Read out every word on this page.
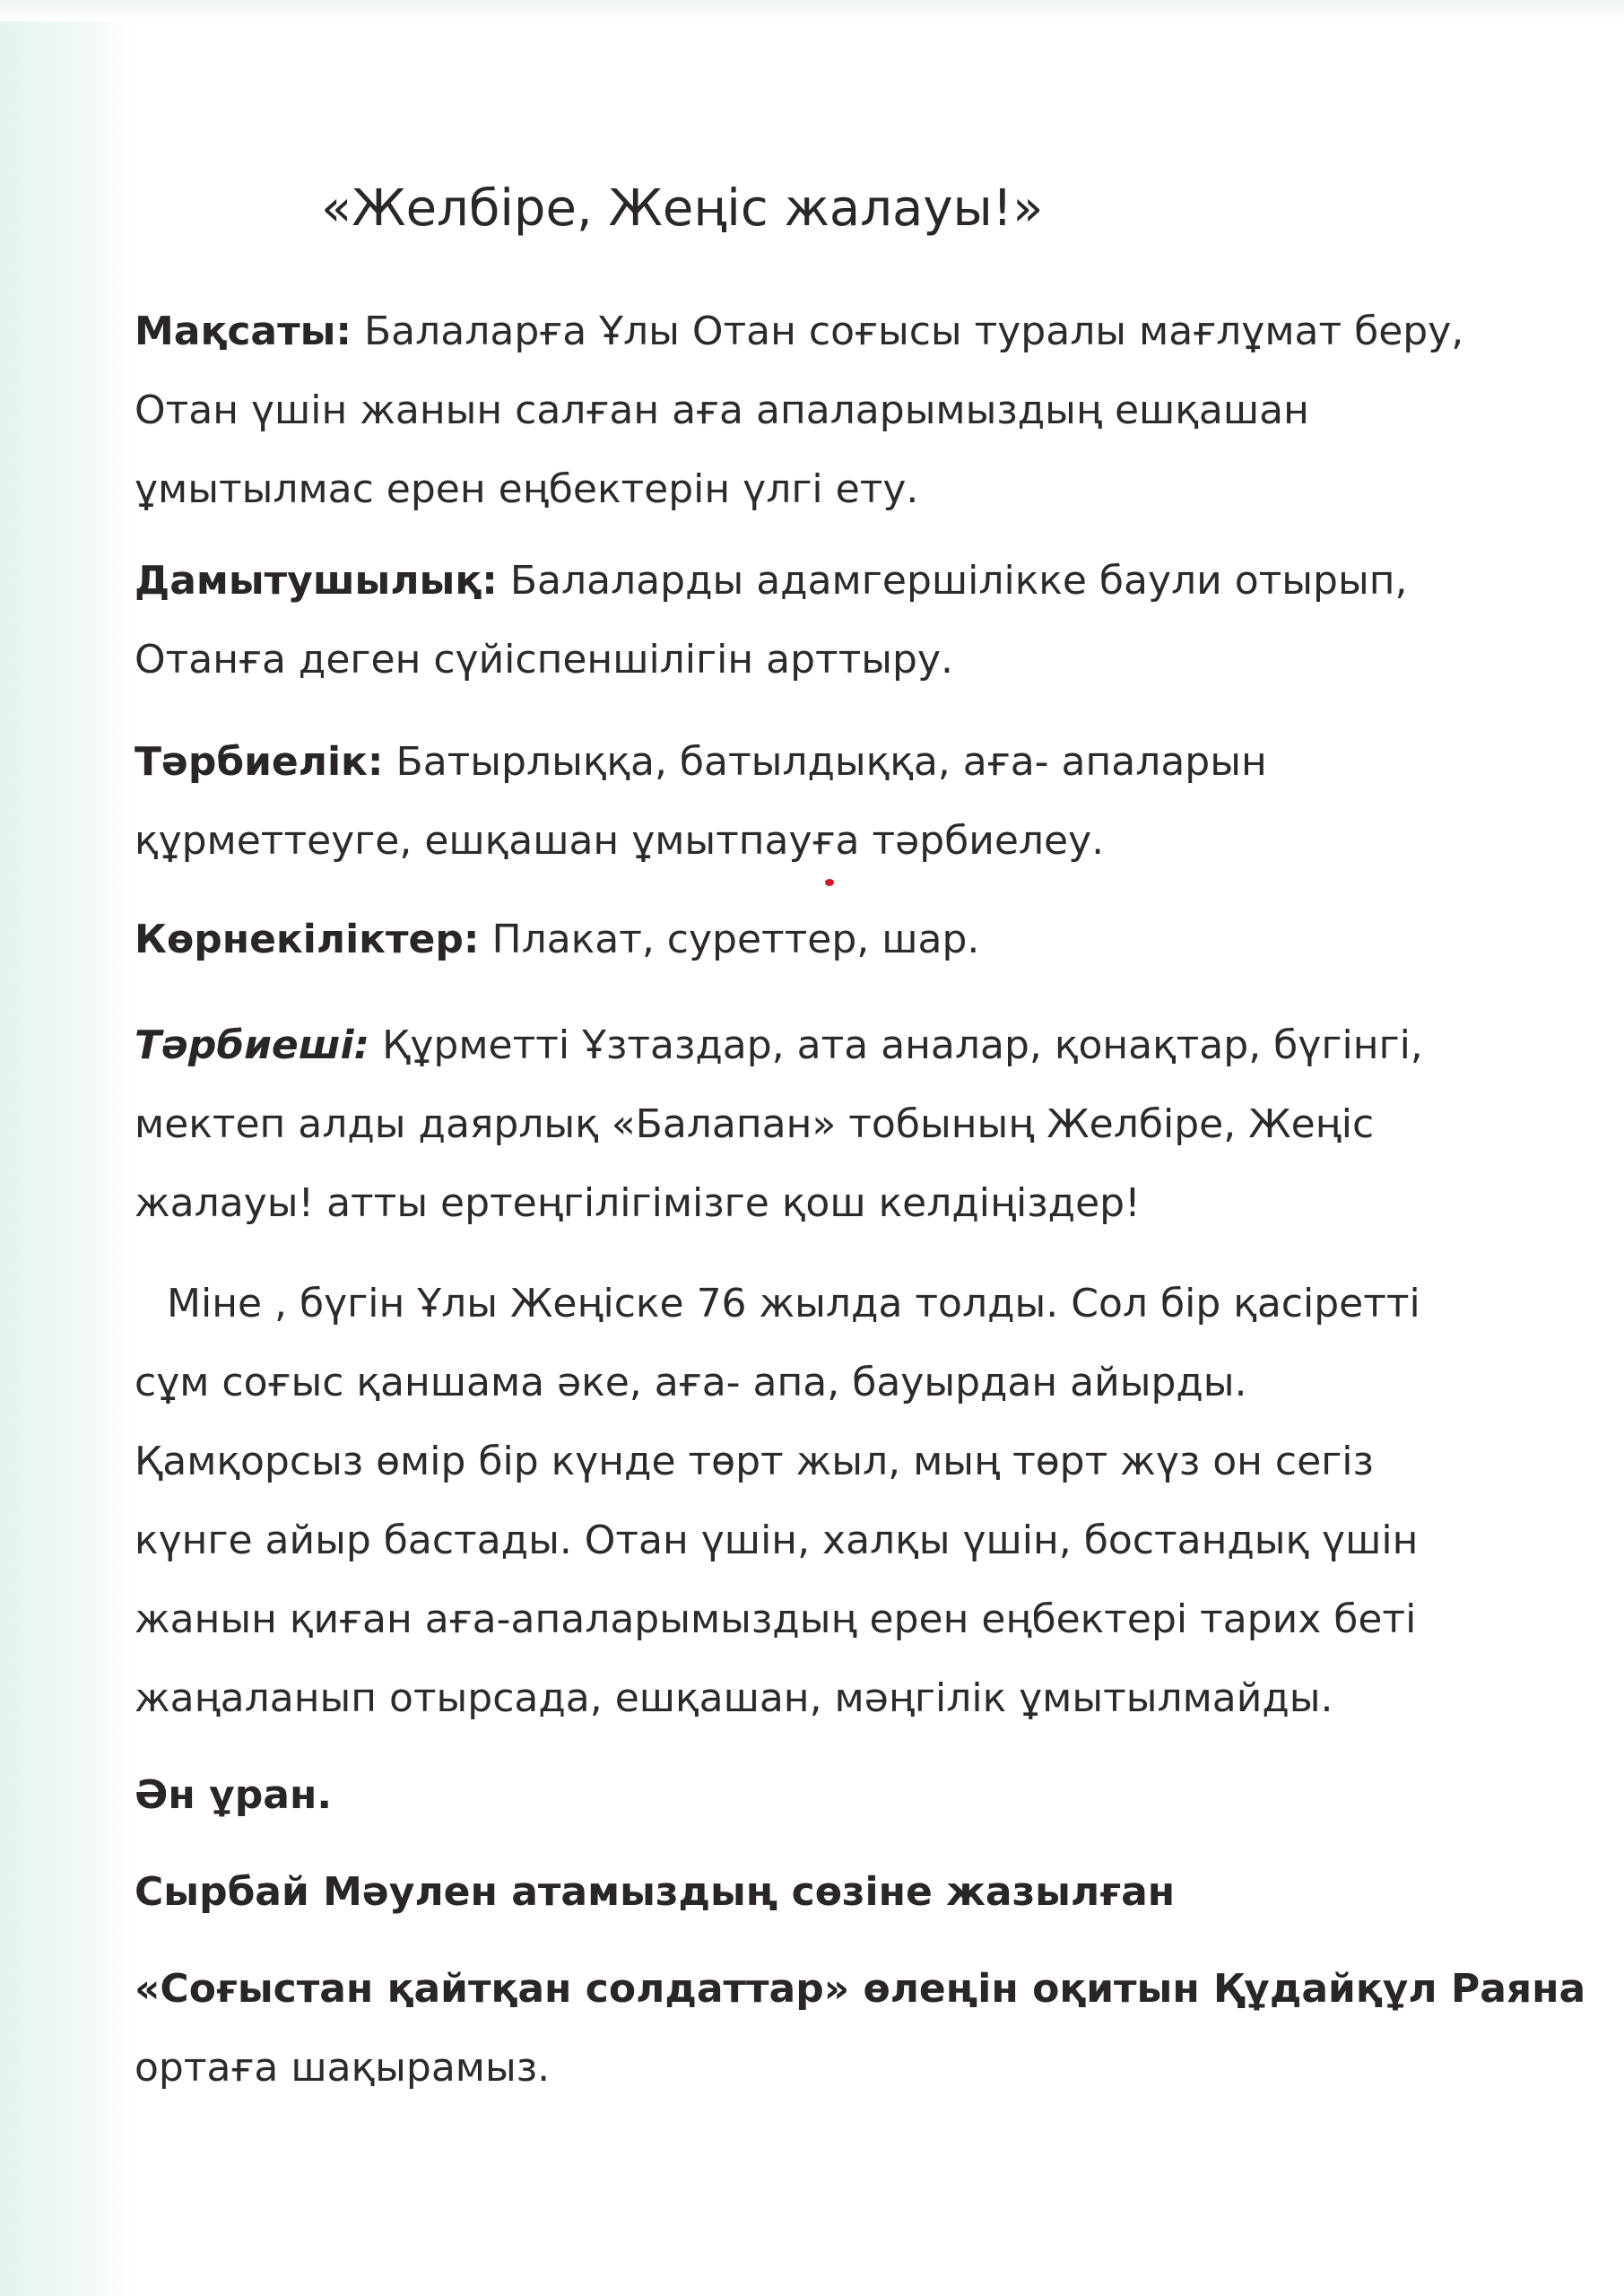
«Желбіре, Жеңіс жалауы!»

Мақсаты: Балаларға Ұлы Отан соғысы туралы мағлұмат беру,

Отан үшін жанын салған аға апаларымыздың ешқашан

ұмытылмас ерен еңбектерін үлгі ету.

Дамытушылық: Балаларды адамгершілікке баули отырып,

Отанға деген сүйіспеншілігін арттыру.

Тәрбиелік: Батырлыққа, батылдыққа, аға- апаларын

құрметтеуге, ешқашан ұмытпауға тәрбиелеу.

Көрнекіліктер: Плакат, суреттер, шар.

Тәрбиеші: Құрметті Ұзтаздар, ата аналар, қонақтар, бүгінгі,

мектеп алды даярлық «Балапан» тобының Желбіре, Жеңіс

жалауы! атты ертеңгілігімізге қош келдіңіздер!

Міне , бүгін Ұлы Жеңіске 76 жылда толды. Сол бір қасіретті

сұм соғыс қаншама әке, аға- апа, бауырдан айырды.

Қамқорсыз өмір бір күнде төрт жыл, мың төрт жүз он сегіз

күнге айыр бастады. Отан үшін, халқы үшін, бостандық үшін

жанын қиған аға-апаларымыздың ерен еңбектері тарих беті

жаңаланып отырсада, ешқашан, мәңгілік ұмытылмайды.

Ән ұран.

Сырбай Мәулен атамыздың сөзіне жазылған

«Соғыстан қайтқан солдаттар» өлеңін оқитын Құдайқұл Раяна

ортаға шақырамыз.
